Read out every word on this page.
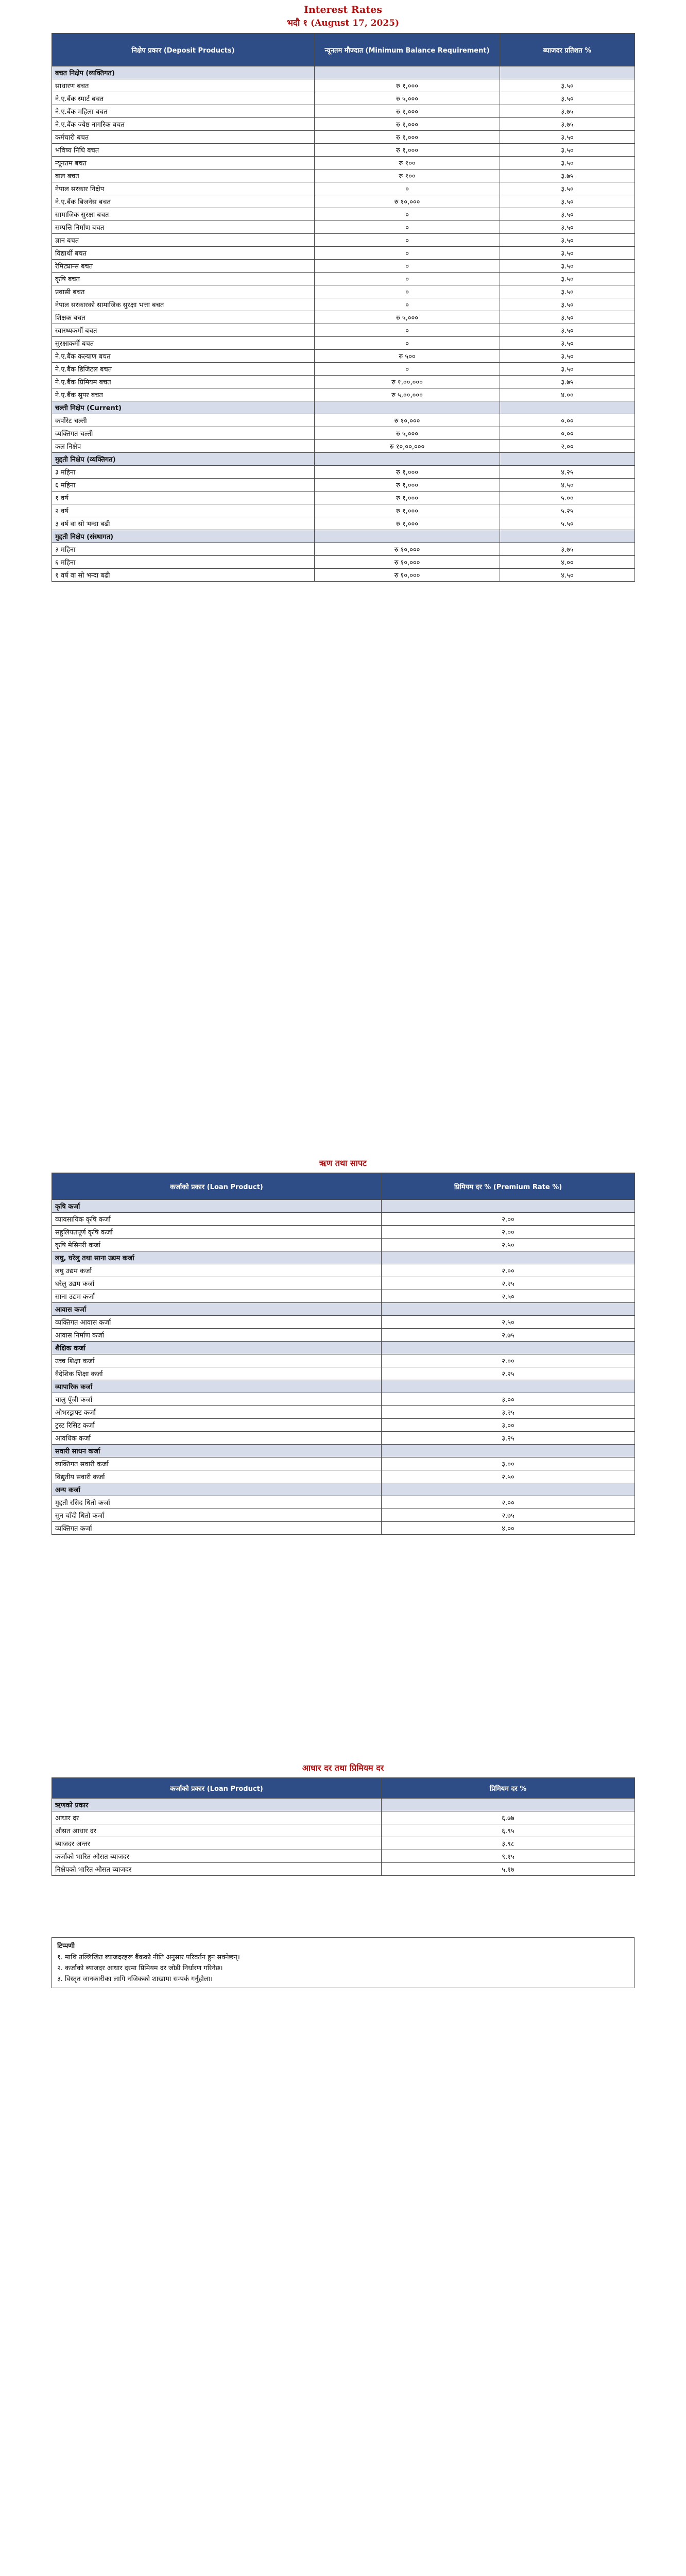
Interest Rates
भदौ १ (August 17, 2025)
निक्षेप प्रकार (Deposit Products)	न्यूनतम मौज्दात (Minimum Balance Requirement)	ब्याजदर प्रतिशत %
बचत निक्षेप (व्यक्तिगत)		
साधारण बचत	रु १,०००	३.५०
ने.ए.बैंक स्मार्ट बचत	रु ५,०००	३.५०
ने.ए.बैंक महिला बचत	रु १,०००	३.७५
ने.ए.बैंक ज्येष्ठ नागरिक बचत	रु १,०००	३.७५
कर्मचारी बचत	रु १,०००	३.५०
भविष्य निधि बचत	रु १,०००	३.५०
न्यूनतम बचत	रु १००	३.५०
बाल बचत	रु १००	३.७५
नेपाल सरकार निक्षेप	०	३.५०
ने.ए.बैंक बिजनेस बचत	रु १०,०००	३.५०
सामाजिक सुरक्षा बचत	०	३.५०
सम्पत्ति निर्माण बचत	०	३.५०
ज्ञान बचत	०	३.५०
विद्यार्थी बचत	०	३.५०
रेमिट्यान्स बचत	०	३.५०
कृषि बचत	०	३.५०
प्रवासी बचत	०	३.५०
नेपाल सरकारको सामाजिक सुरक्षा भत्ता बचत	०	३.५०
शिक्षक बचत	रु ५,०००	३.५०
स्वास्थ्यकर्मी बचत	०	३.५०
सुरक्षाकर्मी बचत	०	३.५०
ने.ए.बैंक कल्याण बचत	रु ५००	३.५०
ने.ए.बैंक डिजिटल बचत	०	३.५०
ने.ए.बैंक प्रिमियम बचत	रु १,००,०००	३.७५
ने.ए.बैंक सुपर बचत	रु ५,००,०००	४.००
चल्ती निक्षेप (Current)		
कर्पोरेट चल्ती	रु १०,०००	०.००
व्यक्तिगत चल्ती	रु ५,०००	०.००
कल निक्षेप	रु १०,००,०००	२.००
मुद्दती निक्षेप (व्यक्तिगत)		
३ महिना	रु १,०००	४.२५
६ महिना	रु १,०००	४.५०
१ वर्ष	रु १,०००	५.००
२ वर्ष	रु १,०००	५.२५
३ वर्ष वा सो भन्दा बढी	रु १,०००	५.५०
मुद्दती निक्षेप (संस्थागत)		
३ महिना	रु १०,०००	३.७५
६ महिना	रु १०,०००	४.००
१ वर्ष वा सो भन्दा बढी	रु १०,०००	४.५०
ऋण तथा सापट
कर्जाको प्रकार (Loan Product)	प्रिमियम दर % (Premium Rate %)
कृषि कर्जा	
व्यावसायिक कृषि कर्जा	२.००
सहुलियतपूर्ण कृषि कर्जा	२.००
कृषि मेसिनरी कर्जा	२.५०
लघु, घरेलु तथा साना उद्यम कर्जा	
लघु उद्यम कर्जा	२.००
घरेलु उद्यम कर्जा	२.२५
साना उद्यम कर्जा	२.५०
आवास कर्जा	
व्यक्तिगत आवास कर्जा	२.५०
आवास निर्माण कर्जा	२.७५
शैक्षिक कर्जा	
उच्च शिक्षा कर्जा	२.००
वैदेशिक शिक्षा कर्जा	२.२५
व्यापारिक कर्जा	
चालु पूँजी कर्जा	३.००
ओभरड्राफ्ट कर्जा	३.२५
ट्रस्ट रिसिट कर्जा	३.००
आवधिक कर्जा	३.२५
सवारी साधन कर्जा	
व्यक्तिगत सवारी कर्जा	३.००
विद्युतीय सवारी कर्जा	२.५०
अन्य कर्जा	
मुद्दती रसिद धितो कर्जा	२.००
सुन चाँदी धितो कर्जा	२.७५
व्यक्तिगत कर्जा	४.००
आधार दर तथा प्रिमियम दर
कर्जाको प्रकार (Loan Product)	प्रिमियम दर %
ऋणको प्रकार	
आधार दर	६.७७
औसत आधार दर	६.९५
ब्याजदर अन्तर	३.९८
कर्जाको भारित औसत ब्याजदर	९.१५
निक्षेपको भारित औसत ब्याजदर	५.१७
टिप्पणी
१. माथि उल्लिखित ब्याजदरहरू बैंकको नीति अनुसार परिवर्तन हुन सक्नेछन्।
२. कर्जाको ब्याजदर आधार दरमा प्रिमियम दर जोडी निर्धारण गरिनेछ।
३. विस्तृत जानकारीका लागि नजिकको शाखामा सम्पर्क गर्नुहोला।
